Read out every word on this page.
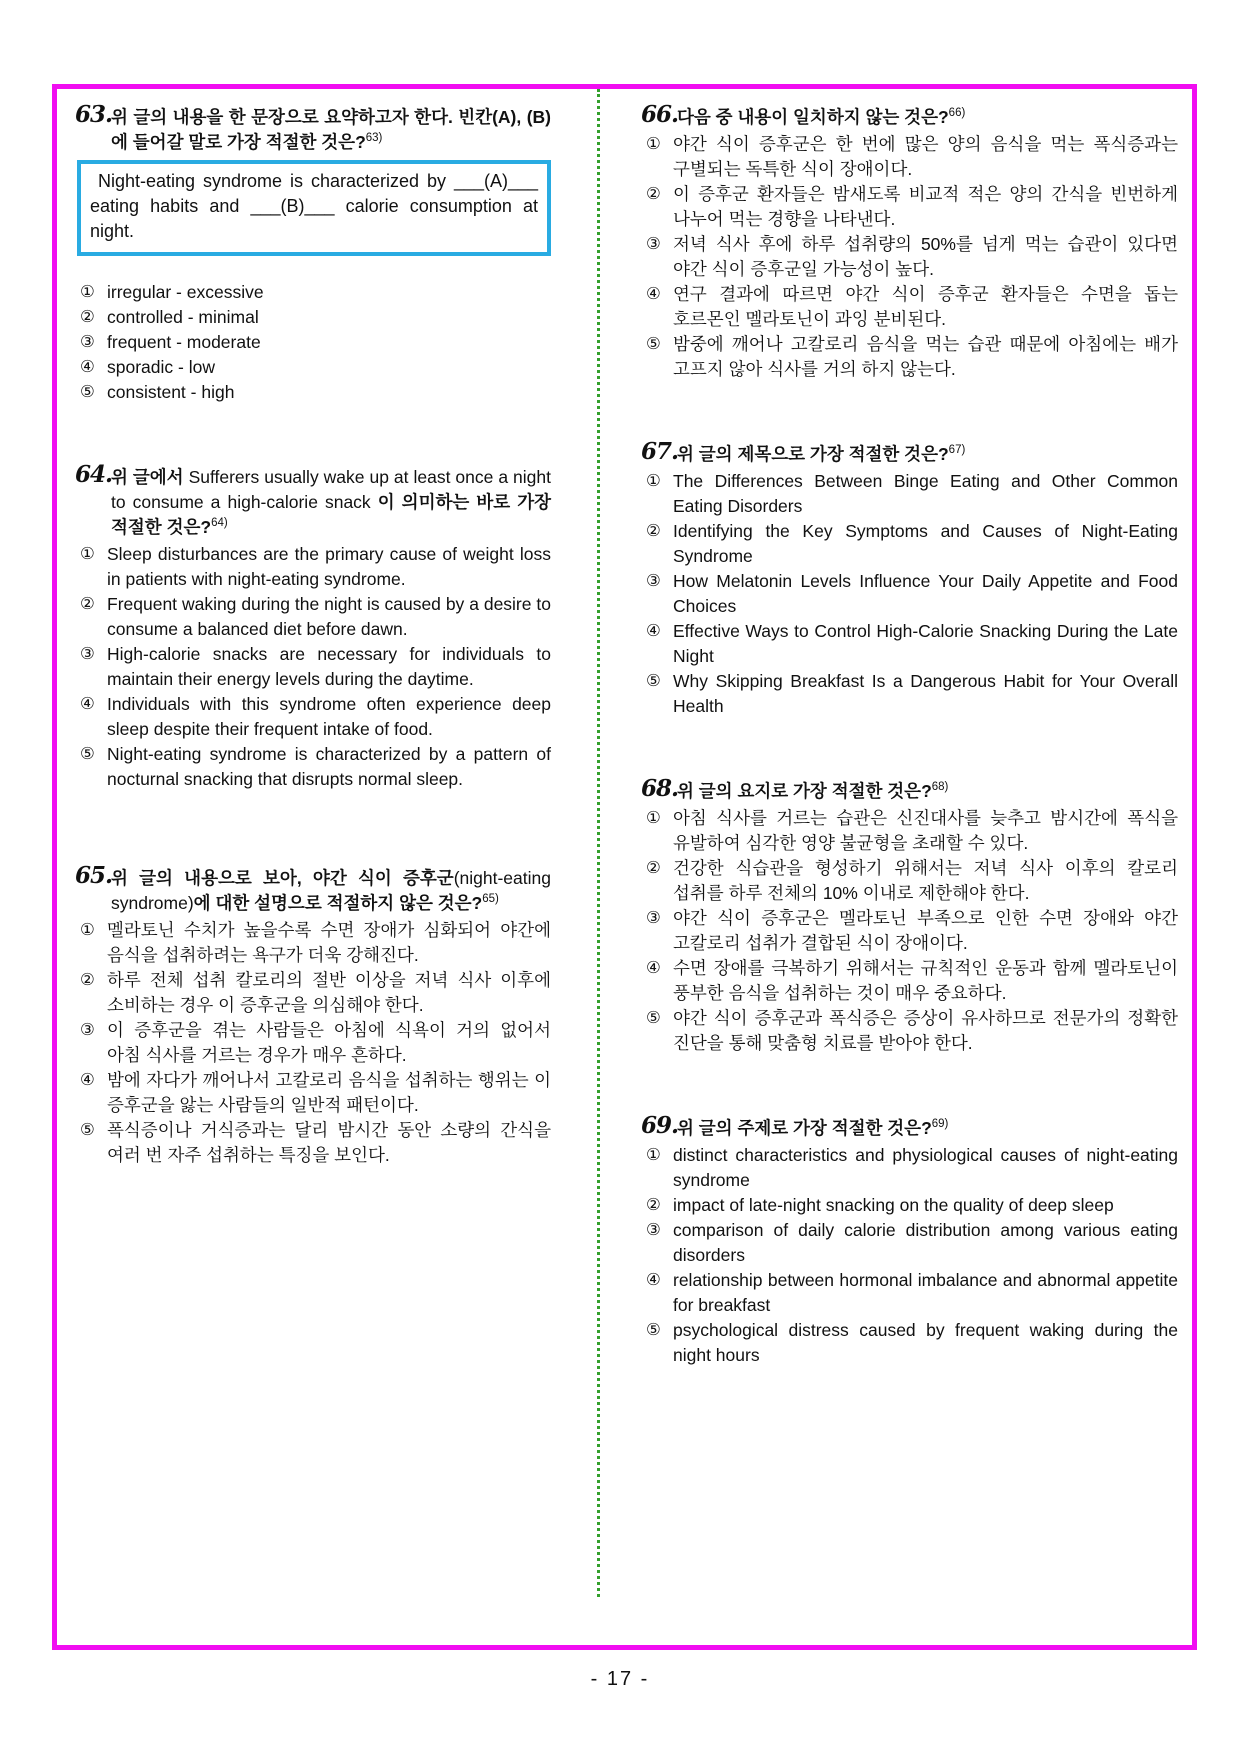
63.
위 글의 내용을 한 문장으로 요약하고자 한다. 빈칸(A), (B)에 들어갈 말로 가장 적절한 것은?$^{63)}$
Night-eating syndrome is characterized by ___(A)___ eating habits and ___(B)___ calorie consumption at night.
① irregular - excessive
② controlled - minimal
③ frequent - moderate
④ sporadic - low
⑤ consistent - high
64.
위 글에서 Sufferers usually wake up at least once a night to consume a high-calorie snack 이 의미하는 바로 가장 적절한 것은?$^{64)}$
① Sleep disturbances are the primary cause of weight loss in patients with night-eating syndrome.
② Frequent waking during the night is caused by a desire to consume a balanced diet before dawn.
③ High-calorie snacks are necessary for individuals to maintain their energy levels during the daytime.
④ Individuals with this syndrome often experience deep sleep despite their frequent intake of food.
⑤ Night-eating syndrome is characterized by a pattern of nocturnal snacking that disrupts normal sleep.
65.
위 글의 내용으로 보아, 야간 식이 증후군(night-eating syndrome)에 대한 설명으로 적절하지 않은 것은?$^{65)}$
① 멜라토닌 수치가 높을수록 수면 장애가 심화되어 야간에 음식을 섭취하려는 욕구가 더욱 강해진다.
② 하루 전체 섭취 칼로리의 절반 이상을 저녁 식사 이후에 소비하는 경우 이 증후군을 의심해야 한다.
③ 이 증후군을 겪는 사람들은 아침에 식욕이 거의 없어서 아침 식사를 거르는 경우가 매우 흔하다.
④ 밤에 자다가 깨어나서 고칼로리 음식을 섭취하는 행위는 이 증후군을 앓는 사람들의 일반적 패턴이다.
⑤ 폭식증이나 거식증과는 달리 밤시간 동안 소량의 간식을 여러 번 자주 섭취하는 특징을 보인다.
66.
다음 중 내용이 일치하지 않는 것은?$^{66)}$
① 야간 식이 증후군은 한 번에 많은 양의 음식을 먹는 폭식증과는 구별되는 독특한 식이 장애이다.
② 이 증후군 환자들은 밤새도록 비교적 적은 양의 간식을 빈번하게 나누어 먹는 경향을 나타낸다.
③ 저녁 식사 후에 하루 섭취량의 50%를 넘게 먹는 습관이 있다면 야간 식이 증후군일 가능성이 높다.
④ 연구 결과에 따르면 야간 식이 증후군 환자들은 수면을 돕는 호르몬인 멜라토닌이 과잉 분비된다.
⑤ 밤중에 깨어나 고칼로리 음식을 먹는 습관 때문에 아침에는 배가 고프지 않아 식사를 거의 하지 않는다.
67.
위 글의 제목으로 가장 적절한 것은?$^{67)}$
① The Differences Between Binge Eating and Other Common Eating Disorders
② Identifying the Key Symptoms and Causes of Night-Eating Syndrome
③ How Melatonin Levels Influence Your Daily Appetite and Food Choices
④ Effective Ways to Control High-Calorie Snacking During the Late Night
⑤ Why Skipping Breakfast Is a Dangerous Habit for Your Overall Health
68.
위 글의 요지로 가장 적절한 것은?$^{68)}$
① 아침 식사를 거르는 습관은 신진대사를 늦추고 밤시간에 폭식을 유발하여 심각한 영양 불균형을 초래할 수 있다.
② 건강한 식습관을 형성하기 위해서는 저녁 식사 이후의 칼로리 섭취를 하루 전체의 10% 이내로 제한해야 한다.
③ 야간 식이 증후군은 멜라토닌 부족으로 인한 수면 장애와 야간 고칼로리 섭취가 결합된 식이 장애이다.
④ 수면 장애를 극복하기 위해서는 규칙적인 운동과 함께 멜라토닌이 풍부한 음식을 섭취하는 것이 매우 중요하다.
⑤ 야간 식이 증후군과 폭식증은 증상이 유사하므로 전문가의 정확한 진단을 통해 맞춤형 치료를 받아야 한다.
69.
위 글의 주제로 가장 적절한 것은?$^{69)}$
① distinct characteristics and physiological causes of night-eating syndrome
② impact of late-night snacking on the quality of deep sleep
③ comparison of daily calorie distribution among various eating disorders
④ relationship between hormonal imbalance and abnormal appetite for breakfast
⑤ psychological distress caused by frequent waking during the night hours
- 17 -
